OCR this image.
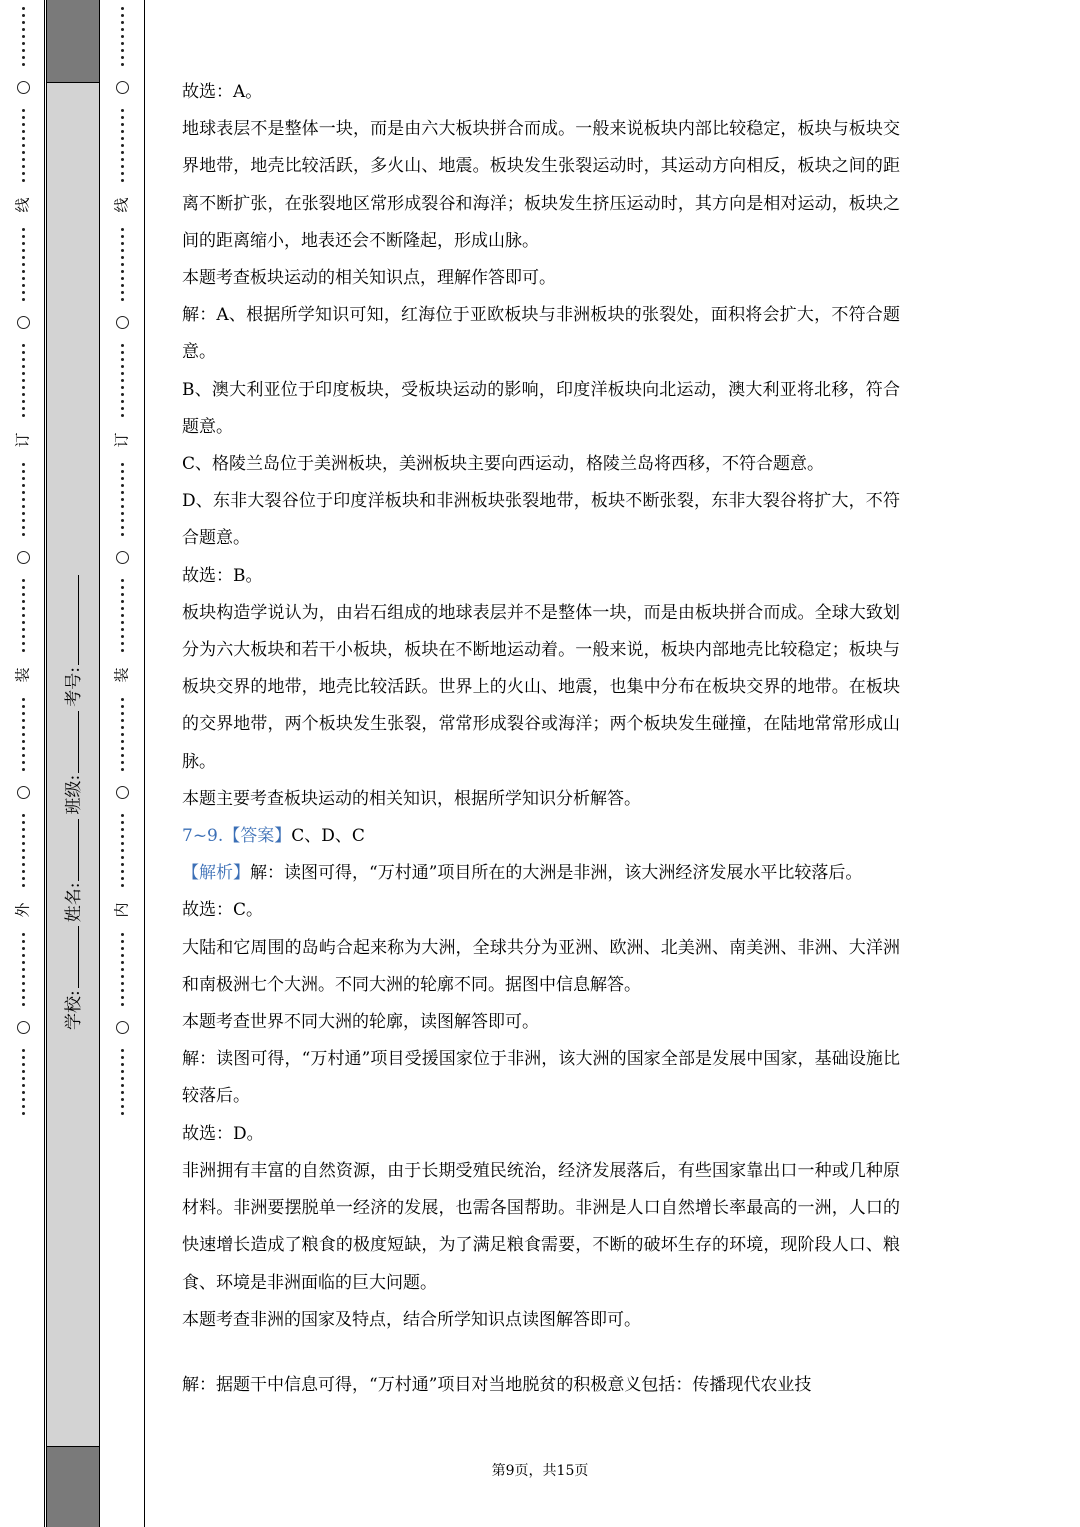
线
订
装
外
学校:
姓名:
班级:
考号:
线
订
装
内

故选：A。

地球表层不是整体一块，而是由六大板块拼合而成。一般来说板块内部比较稳定，板块与板块交界地带，地壳比较活跃，多火山、地震。板块发生张裂运动时，其运动方向相反，板块之间的距离不断扩张，在张裂地区常形成裂谷和海洋；板块发生挤压运动时，其方向是相对运动，板块之间的距离缩小，地表还会不断隆起，形成山脉。

本题考查板块运动的相关知识点，理解作答即可。

解：A、根据所学知识可知，红海位于亚欧板块与非洲板块的张裂处，面积将会扩大，不符合题意。

B、澳大利亚位于印度板块，受板块运动的影响，印度洋板块向北运动，澳大利亚将北移，符合题意。

C、格陵兰岛位于美洲板块，美洲板块主要向西运动，格陵兰岛将西移，不符合题意。

D、东非大裂谷位于印度洋板块和非洲板块张裂地带，板块不断张裂，东非大裂谷将扩大，不符合题意。

故选：B。

板块构造学说认为，由岩石组成的地球表层并不是整体一块，而是由板块拼合而成。全球大致划分为六大板块和若干小板块，板块在不断地运动着。一般来说，板块内部地壳比较稳定；板块与板块交界的地带，地壳比较活跃。世界上的火山、地震，也集中分布在板块交界的地带。在板块的交界地带，两个板块发生张裂，常常形成裂谷或海洋；两个板块发生碰撞，在陆地常常形成山脉。

本题主要考查板块运动的相关知识，根据所学知识分析解答。

7~9.【答案】C、D、C

【解析】解：读图可得，“万村通”项目所在的大洲是非洲，该大洲经济发展水平比较落后。

故选：C。

大陆和它周围的岛屿合起来称为大洲，全球共分为亚洲、欧洲、北美洲、南美洲、非洲、大洋洲和南极洲七个大洲。不同大洲的轮廓不同。据图中信息解答。

本题考查世界不同大洲的轮廓，读图解答即可。

解：读图可得，“万村通”项目受援国家位于非洲，该大洲的国家全部是发展中国家，基础设施比较落后。

故选：D。

非洲拥有丰富的自然资源，由于长期受殖民统治，经济发展落后，有些国家靠出口一种或几种原材料。非洲要摆脱单一经济的发展，也需各国帮助。非洲是人口自然增长率最高的一洲，人口的快速增长造成了粮食的极度短缺，为了满足粮食需要，不断的破坏生存的环境，现阶段人口、粮食、环境是非洲面临的巨大问题。

本题考查非洲的国家及特点，结合所学知识点读图解答即可。

解：据题干中信息可得，“万村通”项目对当地脱贫的积极意义包括：传播现代农业技

第9页，共15页
